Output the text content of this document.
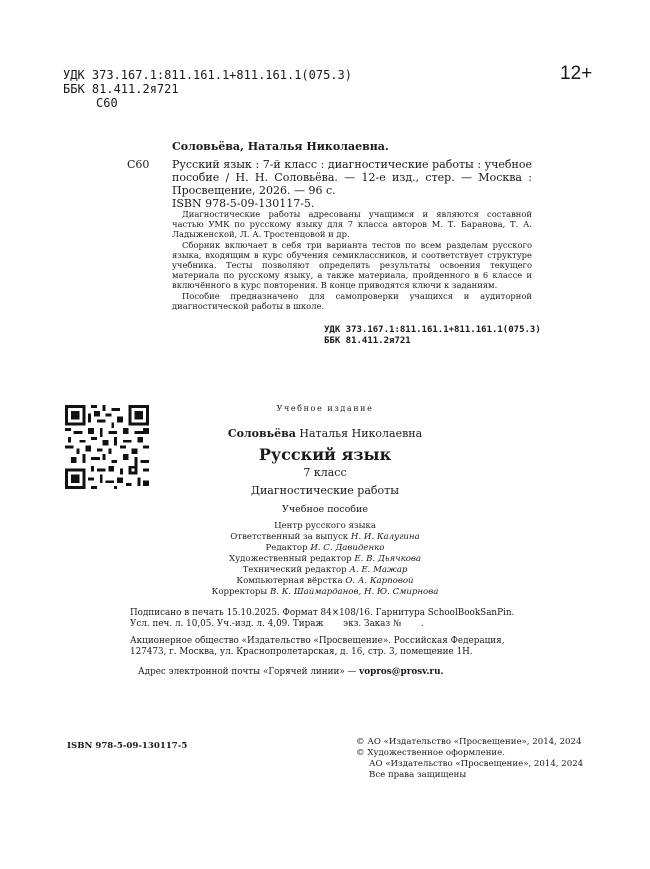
УДК 373.167.1:811.161.1+811.161.1(075.3)
ББК 81.411.2я721
С60
12+
Соловьёва, Наталья Николаевна.
С60 Русский язык : 7-й класс : диагностические работы : учебное пособие / Н. Н. Соловьёва. — 12-е изд., стер. — Москва : Просвещение, 2026. — 96 с.
ISBN 978-5-09-130117-5.

Диагностические работы адресованы учащимся и являются составной частью УМК по русскому языку для 7 класса авторов М. Т. Баранова, Т. А. Ладыженской, Л. А. Тростенцовой и др.

Сборник включает в себя три варианта тестов по всем разделам русского языка, входящим в курс обучения семиклассников, и соответствует структуре учебника. Тесты позволяют определить результаты освоения текущего материала по русскому языку, а также материала, пройденного в 6 классе и включённого в курс повторения. В конце приводятся ключи к заданиям.

Пособие предназначено для самопроверки учащихся и аудиторной диагностической работы в школе.

УДК 373.167.1:811.161.1+811.161.1(075.3)
ББК 81.411.2я721
Учебное издание
Соловьёва Наталья Николаевна
Русский язык
7 класс
Диагностические работы
Учебное пособие
Центр русского языка
Ответственный за выпуск Н. И. Калугина
Редактор И. С. Давиденко
Художественный редактор Е. В. Дьячкова
Технический редактор А. Е. Мажар
Компьютерная вёрстка О. А. Карповой
Корректоры В. К. Шаймарданов, Н. Ю. Смирнова
Подписано в печать 15.10.2025. Формат 84×108/16. Гарнитура SchoolBookSanPin.
Усл. печ. л. 10,05. Уч.-изд. л. 4,09. Тираж       экз. Заказ №       .
Акционерное общество «Издательство «Просвещение». Российская Федерация,
127473, г. Москва, ул. Краснопролетарская, д. 16, стр. 3, помещение 1Н.
Адрес электронной почты «Горячей линии» — vopros@prosv.ru.
ISBN 978-5-09-130117-5	© АО «Издательство «Просвещение», 2014, 2024
© Художественное оформление.
АО «Издательство «Просвещение», 2014, 2024
Все права защищены
